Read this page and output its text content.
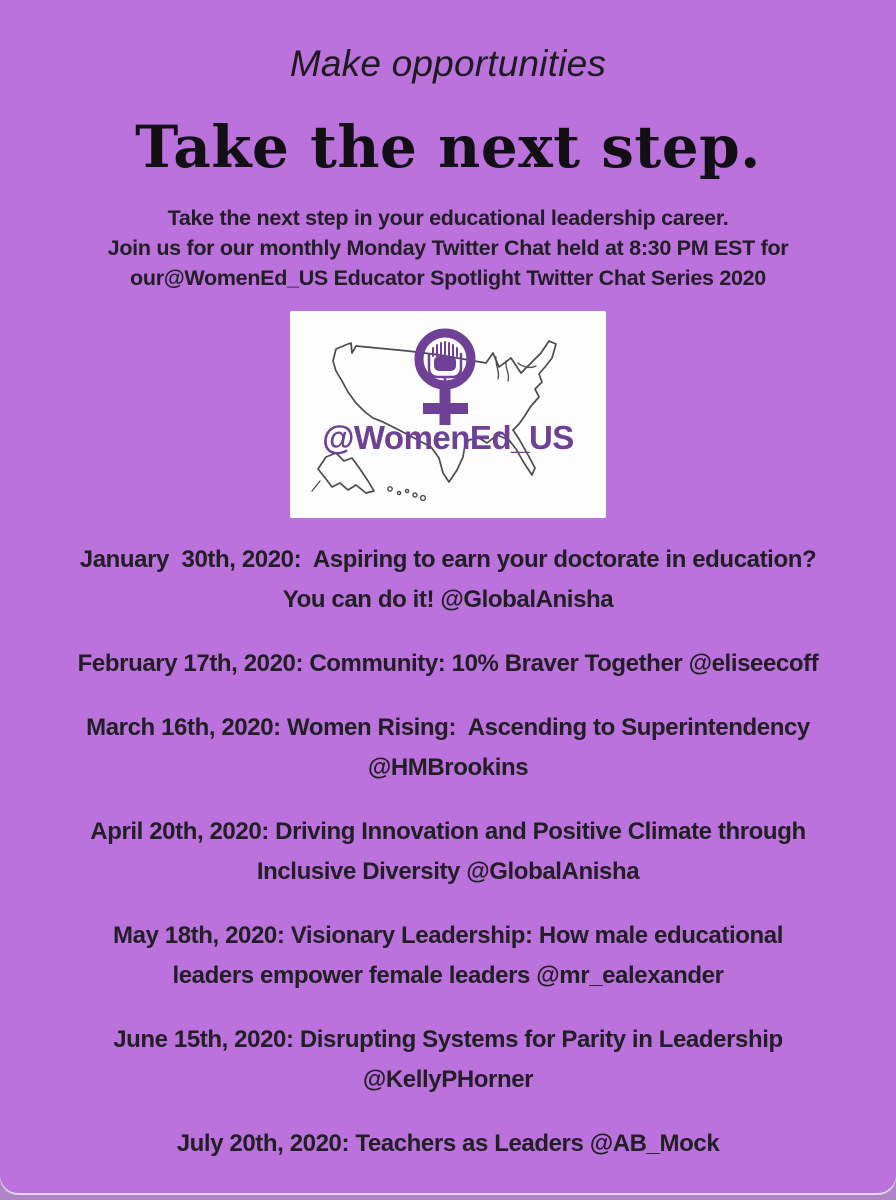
Make opportunities
Take the next step.
Take the next step in your educational leadership career.
Join us for our monthly Monday Twitter Chat held at 8:30 PM EST for
our@WomenEd_US Educator Spotlight Twitter Chat Series 2020
@WomenEd_US
January  30th, 2020:  Aspiring to earn your doctorate in education?
You can do it! @GlobalAnisha
February 17th, 2020: Community: 10% Braver Together @eliseecoff
March 16th, 2020: Women Rising:  Ascending to Superintendency
@HMBrookins
April 20th, 2020: Driving Innovation and Positive Climate through
Inclusive Diversity @GlobalAnisha
May 18th, 2020: Visionary Leadership: How male educational
leaders empower female leaders @mr_ealexander
June 15th, 2020: Disrupting Systems for Parity in Leadership
@KellyPHorner
July 20th, 2020: Teachers as Leaders @AB_Mock
